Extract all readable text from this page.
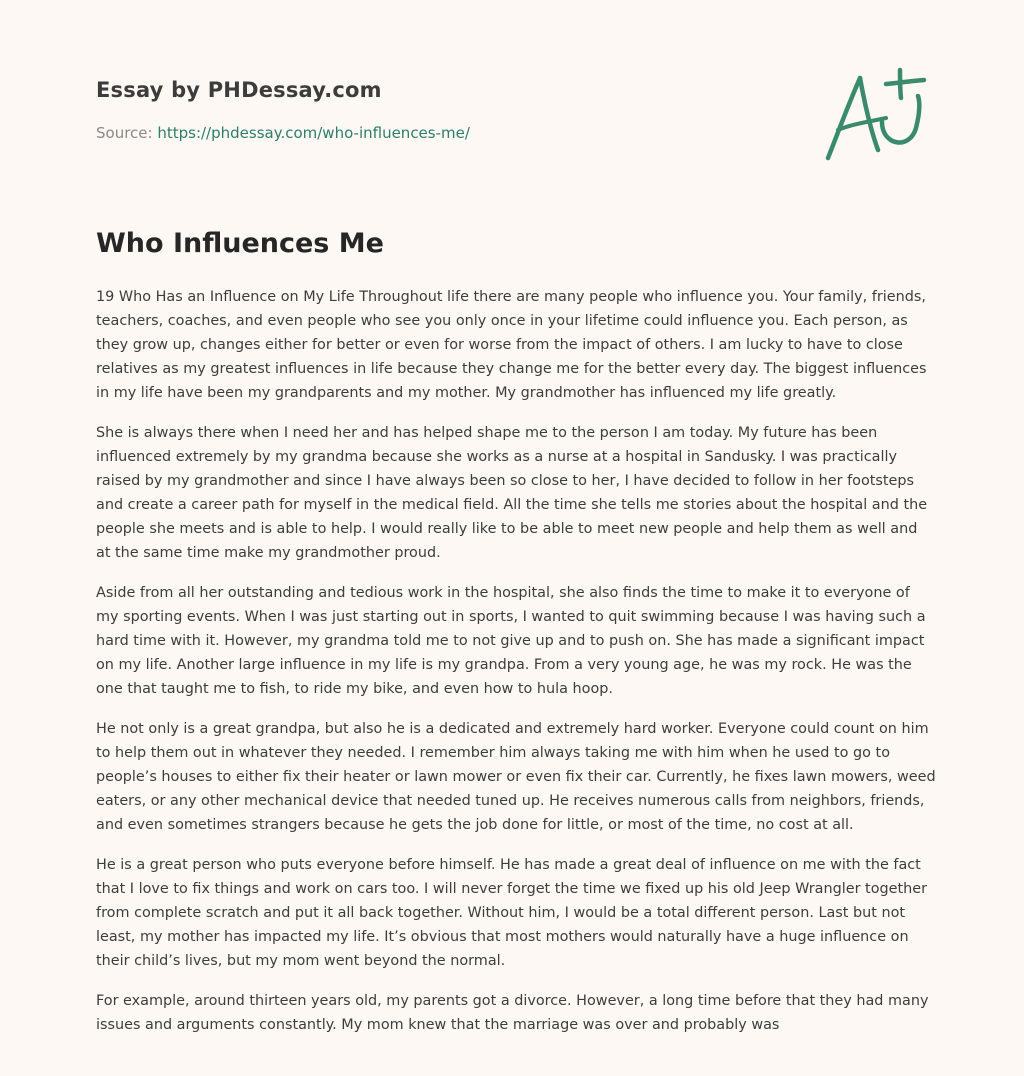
Essay by PHDessay.com
Source: https://phdessay.com/who-influences-me/
Who Influences Me

19 Who Has an Influence on My Life Throughout life there are many people who influence you. Your family, friends, teachers, coaches, and even people who see you only once in your lifetime could influence you. Each person, as they grow up, changes either for better or even for worse from the impact of others. I am lucky to have to close relatives as my greatest influences in life because they change me for the better every day. The biggest influences in my life have been my grandparents and my mother. My grandmother has influenced my life greatly.

She is always there when I need her and has helped shape me to the person I am today. My future has been influenced extremely by my grandma because she works as a nurse at a hospital in Sandusky. I was practically raised by my grandmother and since I have always been so close to her, I have decided to follow in her footsteps and create a career path for myself in the medical field. All the time she tells me stories about the hospital and the people she meets and is able to help. I would really like to be able to meet new people and help them as well and at the same time make my grandmother proud.

Aside from all her outstanding and tedious work in the hospital, she also finds the time to make it to everyone of my sporting events. When I was just starting out in sports, I wanted to quit swimming because I was having such a hard time with it. However, my grandma told me to not give up and to push on. She has made a significant impact on my life. Another large influence in my life is my grandpa. From a very young age, he was my rock. He was the one that taught me to fish, to ride my bike, and even how to hula hoop.

He not only is a great grandpa, but also he is a dedicated and extremely hard worker. Everyone could count on him to help them out in whatever they needed. I remember him always taking me with him when he used to go to people’s houses to either fix their heater or lawn mower or even fix their car. Currently, he fixes lawn mowers, weed eaters, or any other mechanical device that needed tuned up. He receives numerous calls from neighbors, friends, and even sometimes strangers because he gets the job done for little, or most of the time, no cost at all.

He is a great person who puts everyone before himself. He has made a great deal of influence on me with the fact that I love to fix things and work on cars too. I will never forget the time we fixed up his old Jeep Wrangler together from complete scratch and put it all back together. Without him, I would be a total different person. Last but not least, my mother has impacted my life. It’s obvious that most mothers would naturally have a huge influence on their child’s lives, but my mom went beyond the normal.

For example, around thirteen years old, my parents got a divorce. However, a long time before that they had many issues and arguments constantly. My mom knew that the marriage was over and probably was
